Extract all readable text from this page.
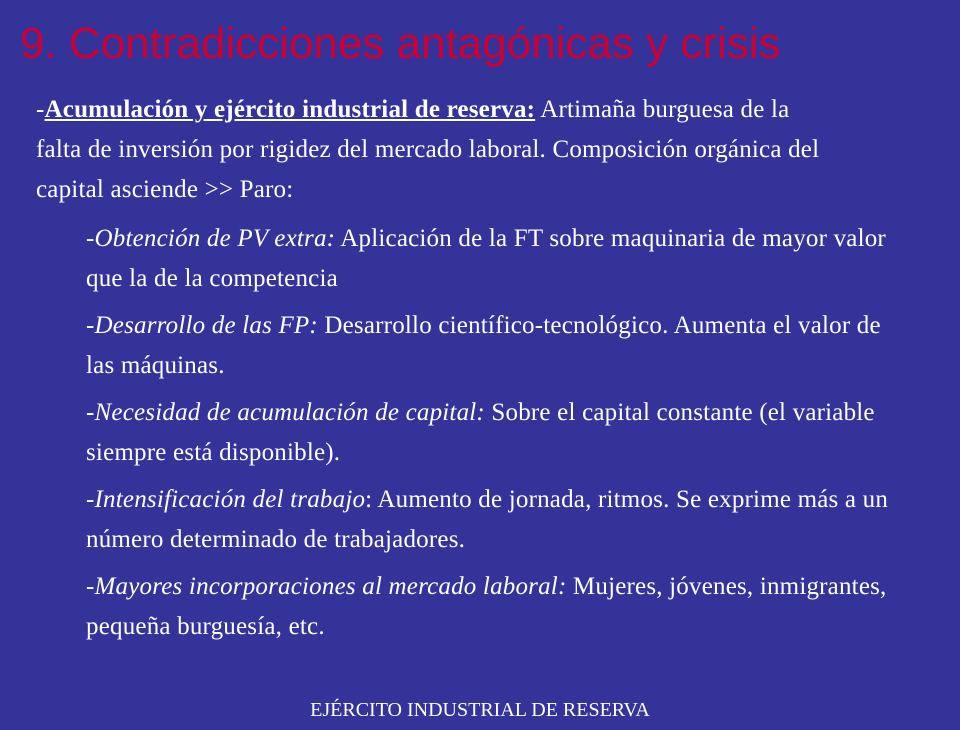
9. Contradicciones antagónicas y crisis

-Acumulación y ejército industrial de reserva: Artimaña burguesa de la falta de inversión por rigidez del mercado laboral. Composición orgánica del capital asciende >> Paro:

-Obtención de PV extra: Aplicación de la FT sobre maquinaria de mayor valor que la de la competencia

-Desarrollo de las FP: Desarrollo científico-tecnológico. Aumenta el valor de las máquinas.

-Necesidad de acumulación de capital: Sobre el capital constante (el variable siempre está disponible).

-Intensificación del trabajo: Aumento de jornada, ritmos. Se exprime más a un número determinado de trabajadores.

-Mayores incorporaciones al mercado laboral: Mujeres, jóvenes, inmigrantes, pequeña burguesía, etc.

EJÉRCITO INDUSTRIAL DE RESERVA
